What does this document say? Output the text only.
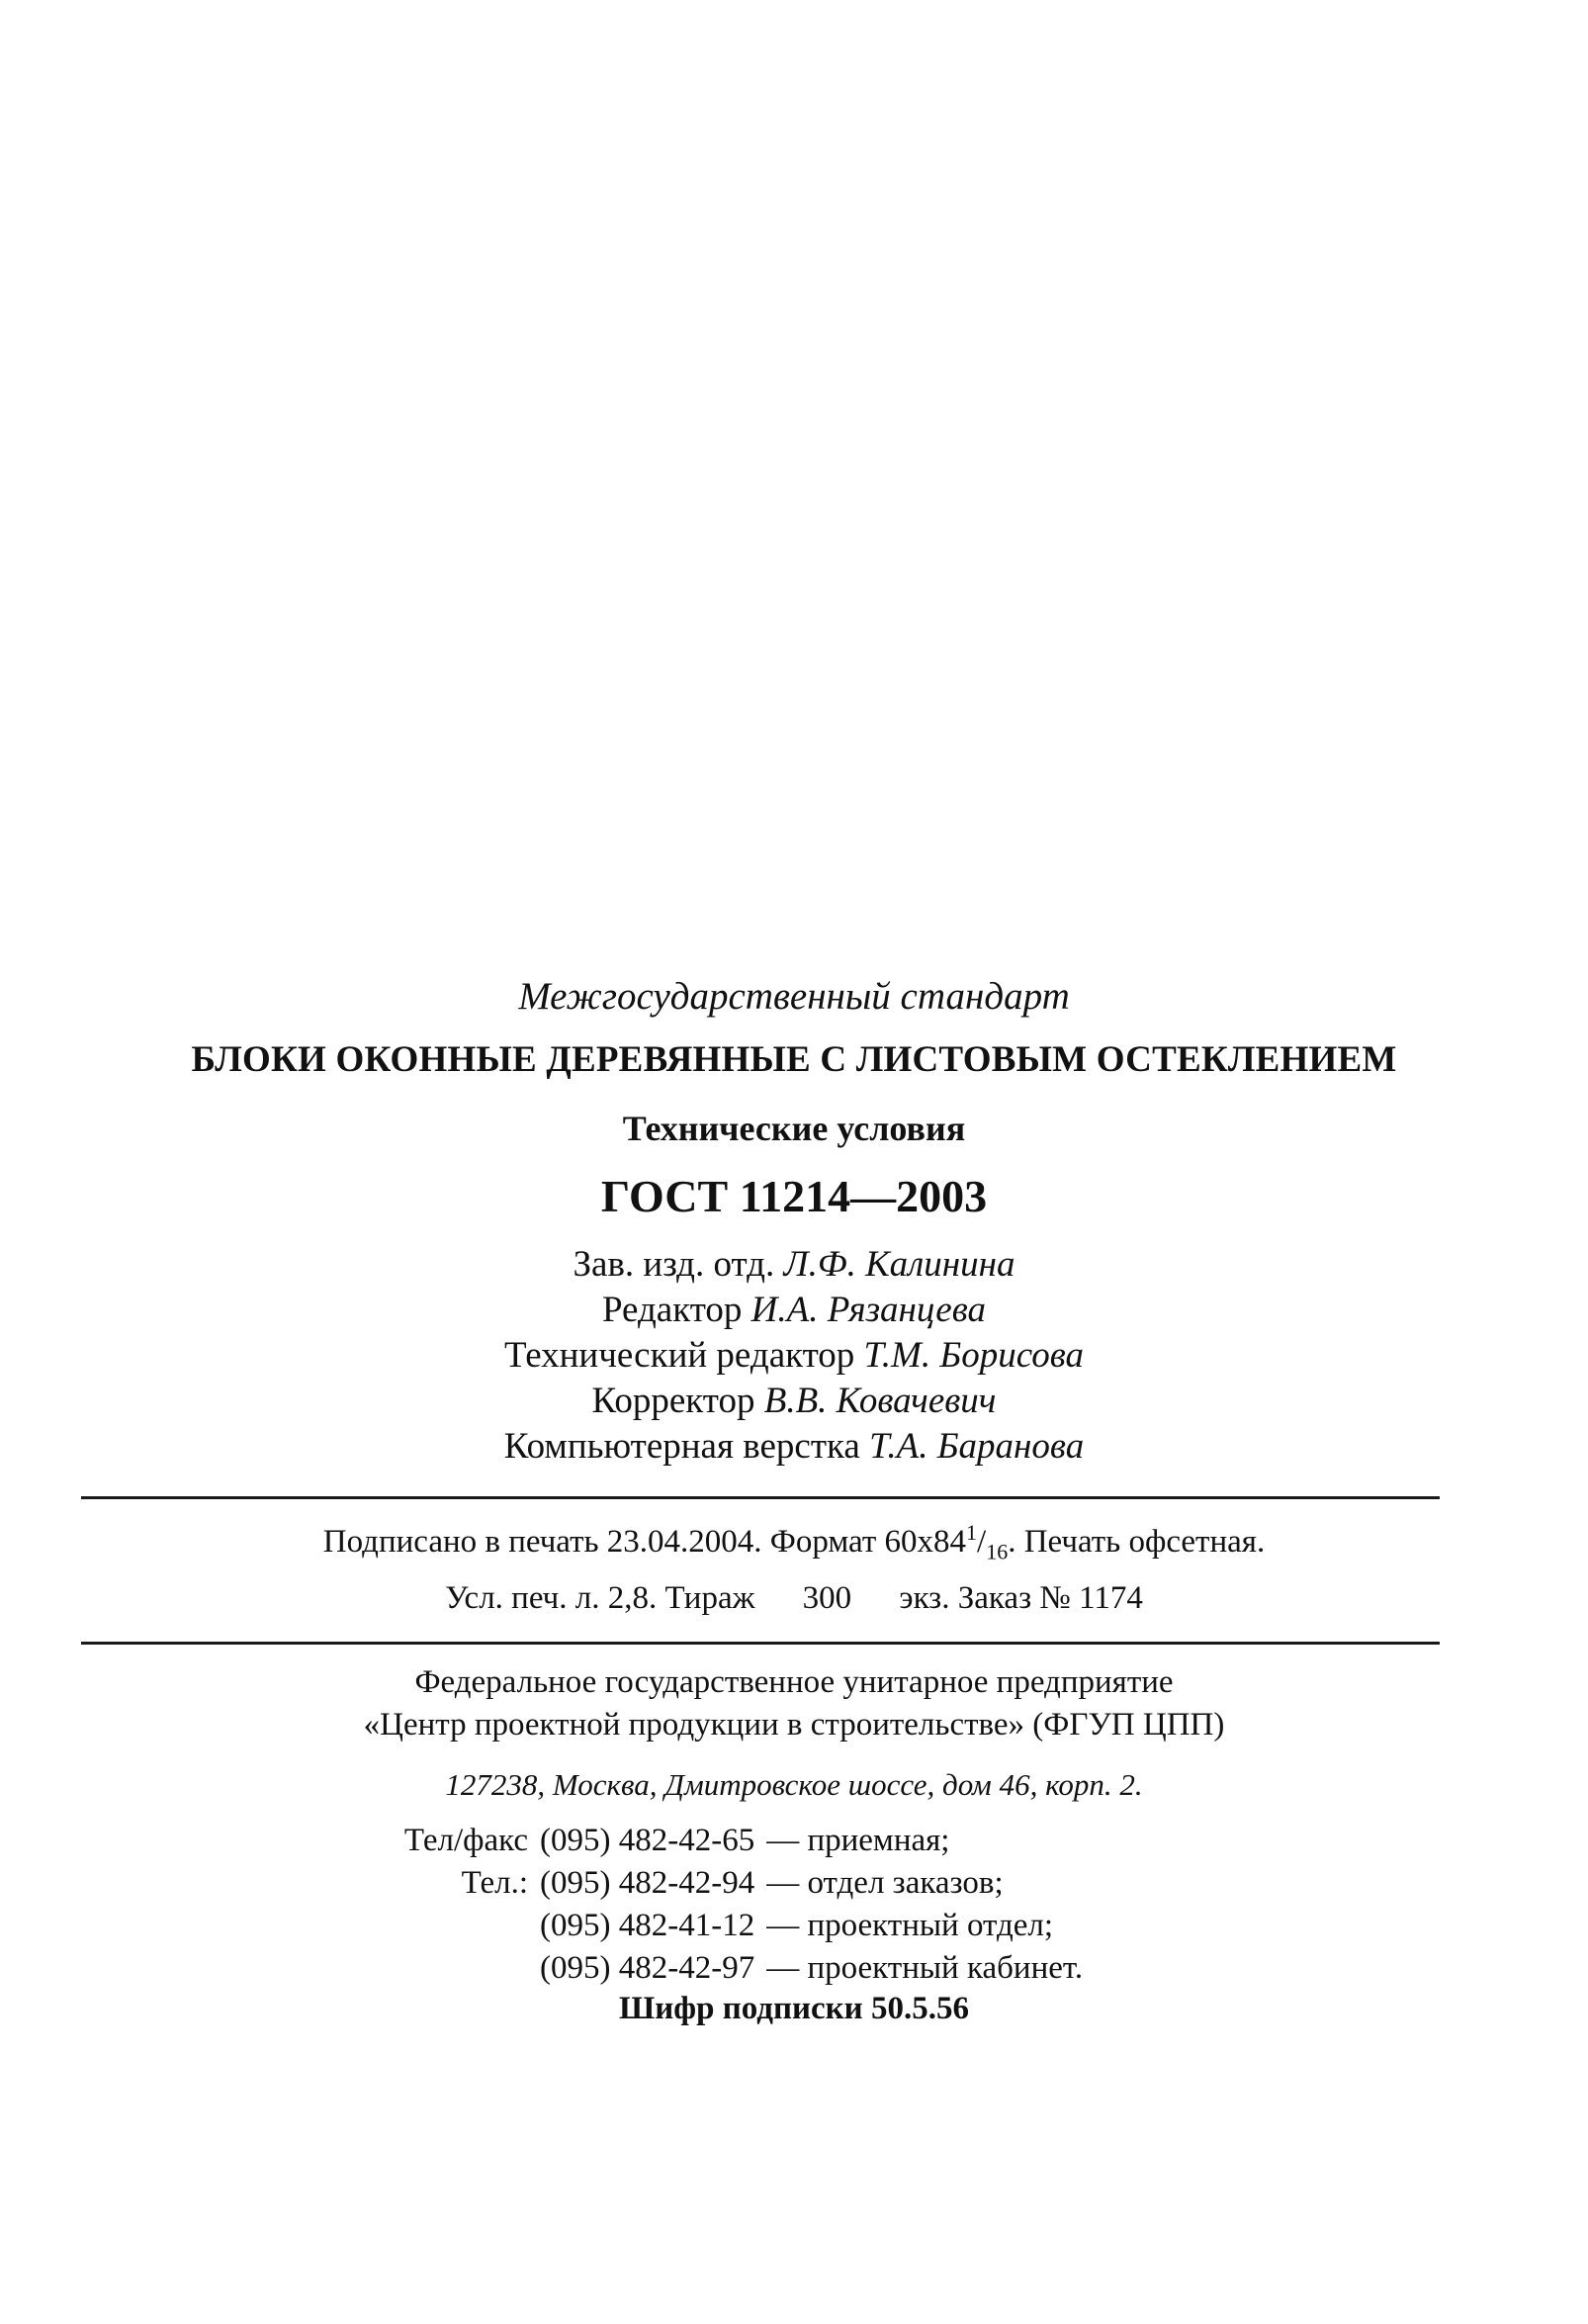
Межгосударственный стандарт
БЛОКИ ОКОННЫЕ ДЕРЕВЯННЫЕ С ЛИСТОВЫМ ОСТЕКЛЕНИЕМ
Технические условия
ГОСТ 11214—2003
Зав. изд. отд. Л.Ф. Калинина
Редактор И.А. Рязанцева
Технический редактор Т.М. Борисова
Корректор В.В. Ковачевич
Компьютерная верстка Т.А. Баранова
Подписано в печать 23.04.2004. Формат $60x84^1/_{16}$. Печать офсетная.
Усл. печ. л. 2,8. Тираж 300 экз. Заказ № 1174
Федеральное государственное унитарное предприятие
«Центр проектной продукции в строительстве» (ФГУП ЦПП)
127238, Москва, Дмитровское шоссе, дом 46, корп. 2.
Тел/факс (095) 482-42-65 — приемная;
Тел.: (095) 482-42-94 — отдел заказов;
(095) 482-41-12 — проектный отдел;
(095) 482-42-97 — проектный кабинет.
Шифр подписки 50.5.56
